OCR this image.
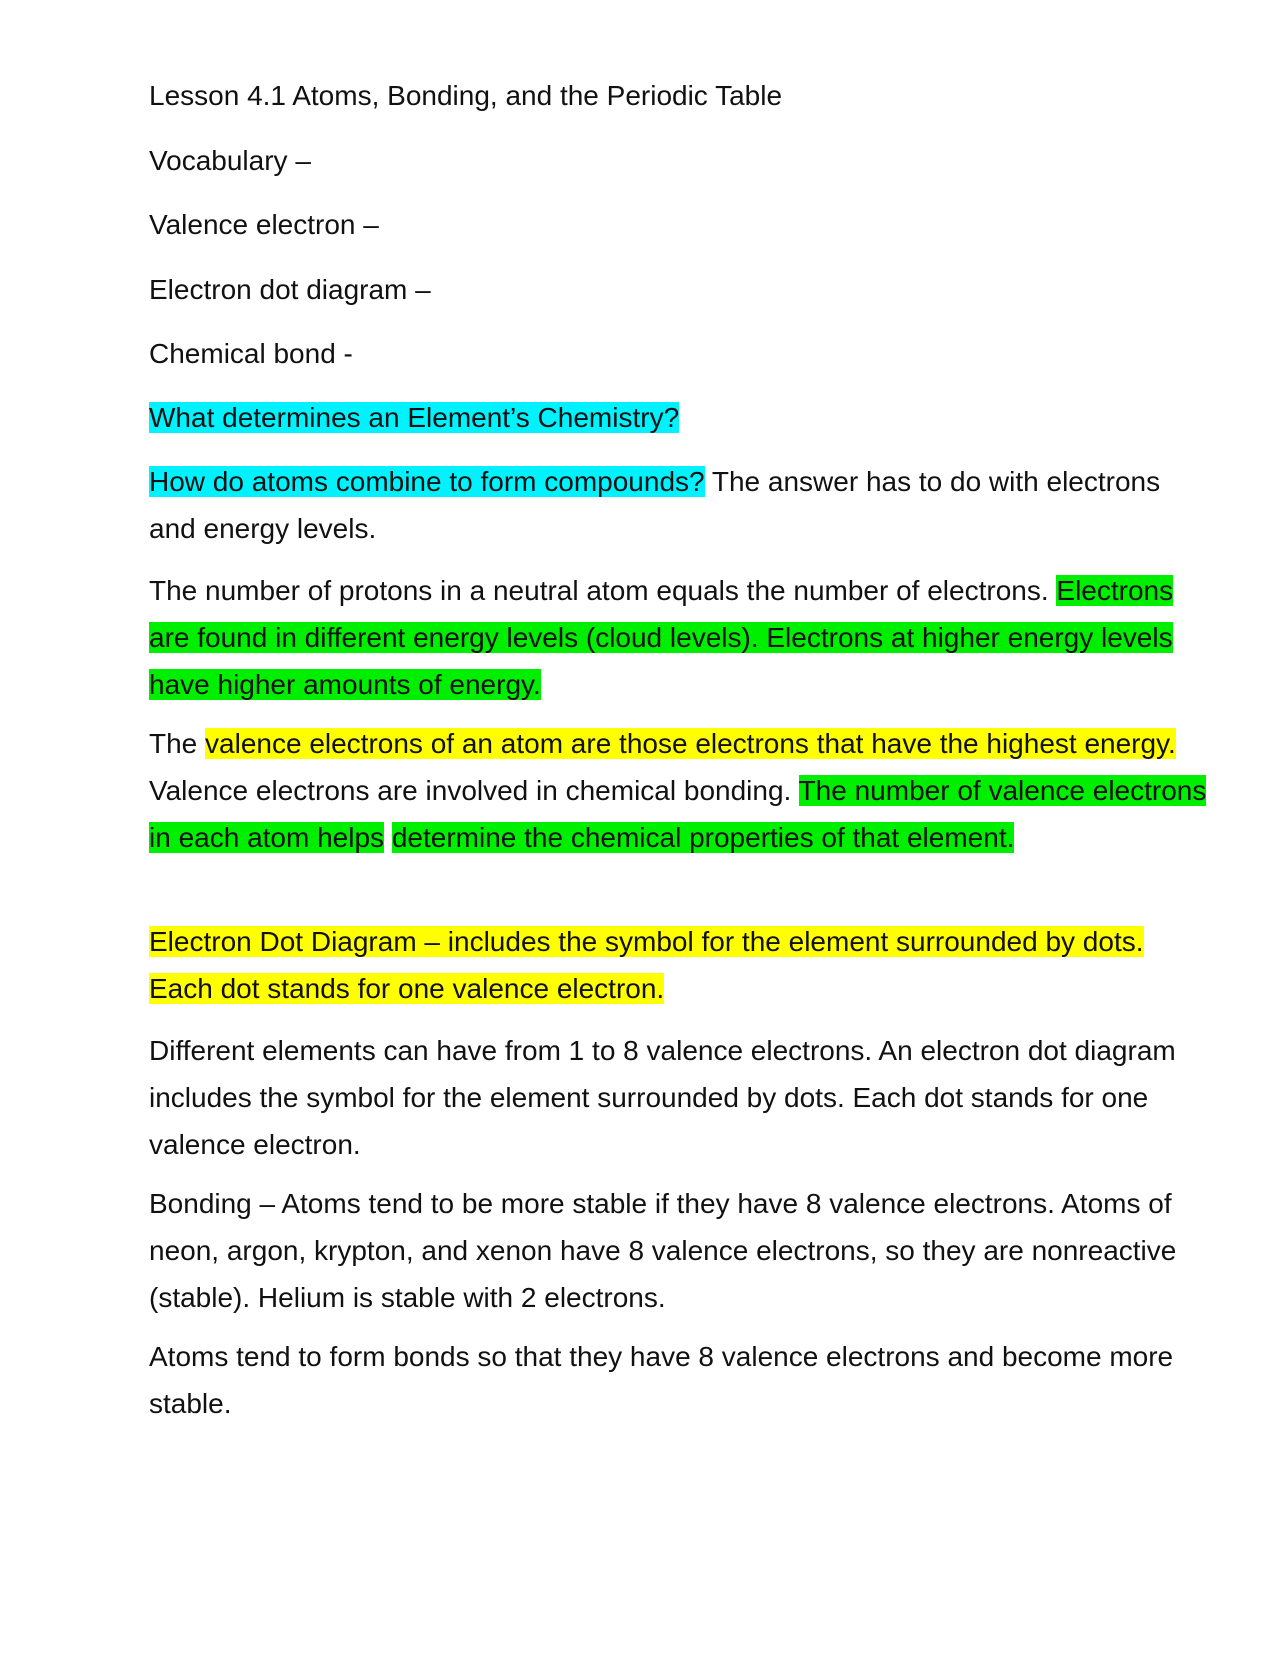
Lesson 4.1 Atoms, Bonding, and the Periodic Table

Vocabulary –

Valence electron –

Electron dot diagram –

Chemical bond -

What determines an Element’s Chemistry?

How do atoms combine to form compounds? The answer has to do with electrons and energy levels.

The number of protons in a neutral atom equals the number of electrons. Electrons are found in different energy levels (cloud levels). Electrons at higher energy levels have higher amounts of energy.

The valence electrons of an atom are those electrons that have the highest energy. Valence electrons are involved in chemical bonding. The number of valence electrons in each atom helps determine the chemical properties of that element.

Electron Dot Diagram – includes the symbol for the element surrounded by dots. Each dot stands for one valence electron.

Different elements can have from 1 to 8 valence electrons. An electron dot diagram includes the symbol for the element surrounded by dots. Each dot stands for one valence electron.

Bonding – Atoms tend to be more stable if they have 8 valence electrons. Atoms of neon, argon, krypton, and xenon have 8 valence electrons, so they are nonreactive (stable). Helium is stable with 2 electrons.

Atoms tend to form bonds so that they have 8 valence electrons and become more stable.
